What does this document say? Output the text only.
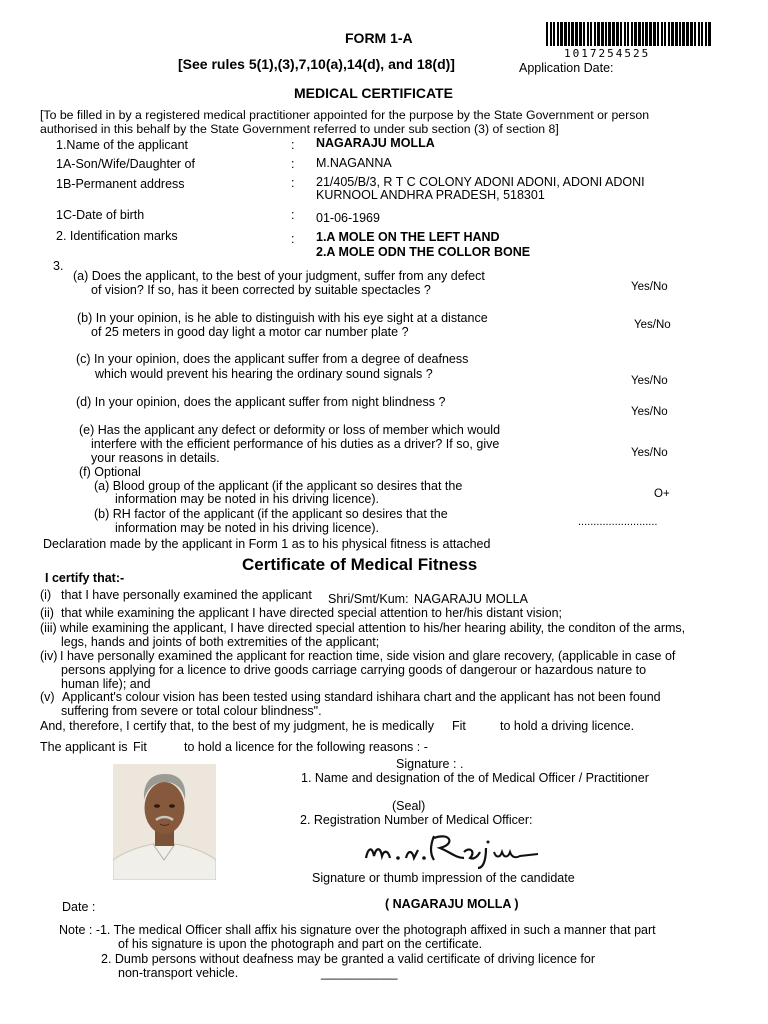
FORM 1-A
1017254525
[See rules 5(1),(3),7,10(a),14(d), and 18(d)]	Application Date:
MEDICAL CERTIFICATE
[To be filled in by a registered medical practitioner appointed for the purpose by the State Government or person
authorised in this behalf by the State Government referred to under sub section (3) of section 8]
1.Name of the applicant	: NAGARAJU MOLLA
1A-Son/Wife/Daughter of	: M.NAGANNA
1B-Permanent address	: 21/405/B/3, R T C COLONY ADONI ADONI, ADONI ADONI
KURNOOL ANDHRA PRADESH, 518301
1C-Date of birth	: 01-06-1969
2. Identification marks	: 1.A MOLE ON THE LEFT HAND
2.A MOLE ODN THE COLLOR BONE
3.
(a) Does the applicant, to the best of your judgment, suffer from any defect
of vision? If so, has it been corrected by suitable spectacles ?	Yes/No
(b) In your opinion, is he able to distinguish with his eye sight at a distance
of 25 meters in good day light a motor car number plate ?	Yes/No
(c) In your opinion, does the applicant suffer from a degree of deafness
which would prevent his hearing the ordinary sound signals ?	Yes/No
(d) In your opinion, does the applicant suffer from night blindness ?
Yes/No
(e) Has the applicant any defect or deformity or loss of member which would
interfere with the efficient performance of his duties as a driver? If so, give
your reasons in details.	Yes/No
(f) Optional
(a) Blood group of the applicant (if the applicant so desires that the
information may be noted in his driving licence).	O+
(b) RH factor of the applicant (if the applicant so desires that the
information may be noted in his driving licence).	..........................
Declaration made by the applicant in Form 1 as to his physical fitness is attached
Certificate of Medical Fitness
I certify that:-
(i) that I have personally examined the applicant Shri/Smt/Kum: NAGARAJU MOLLA
(ii) that while examining the applicant I have directed special attention to her/his distant vision;
(iii) while examining the applicant, I have directed special attention to his/her hearing ability, the conditon of the arms,
legs, hands and joints of both extremities of the applicant;
(iv) I have personally examined the applicant for reaction time, side vision and glare recovery, (applicable in case of
persons applying for a licence to drive goods carriage carrying goods of dangerour or hazardous nature to
human life); and
(v) Applicant's colour vision has been tested using standard ishihara chart and the applicant has not been found
suffering from severe or total colour blindness".
And, therefore, I certify that, to the best of my judgment, he is medically Fit	to hold a driving licence.
The applicant is Fit	to hold a licence for the following reasons : -
Signature : .
1. Name and designation of the of Medical Officer / Practitioner
(Seal)
2. Registration Number of Medical Officer:
Signature or thumb impression of the candidate
Date :	( NAGARAJU MOLLA )
Note : -1. The medical Officer shall affix his signature over the photograph affixed in such a manner that part
of his signature is upon the photograph and part on the certificate.
2. Dumb persons without deafness may be granted a valid certificate of driving licence for
non-transport vehicle.	___________
